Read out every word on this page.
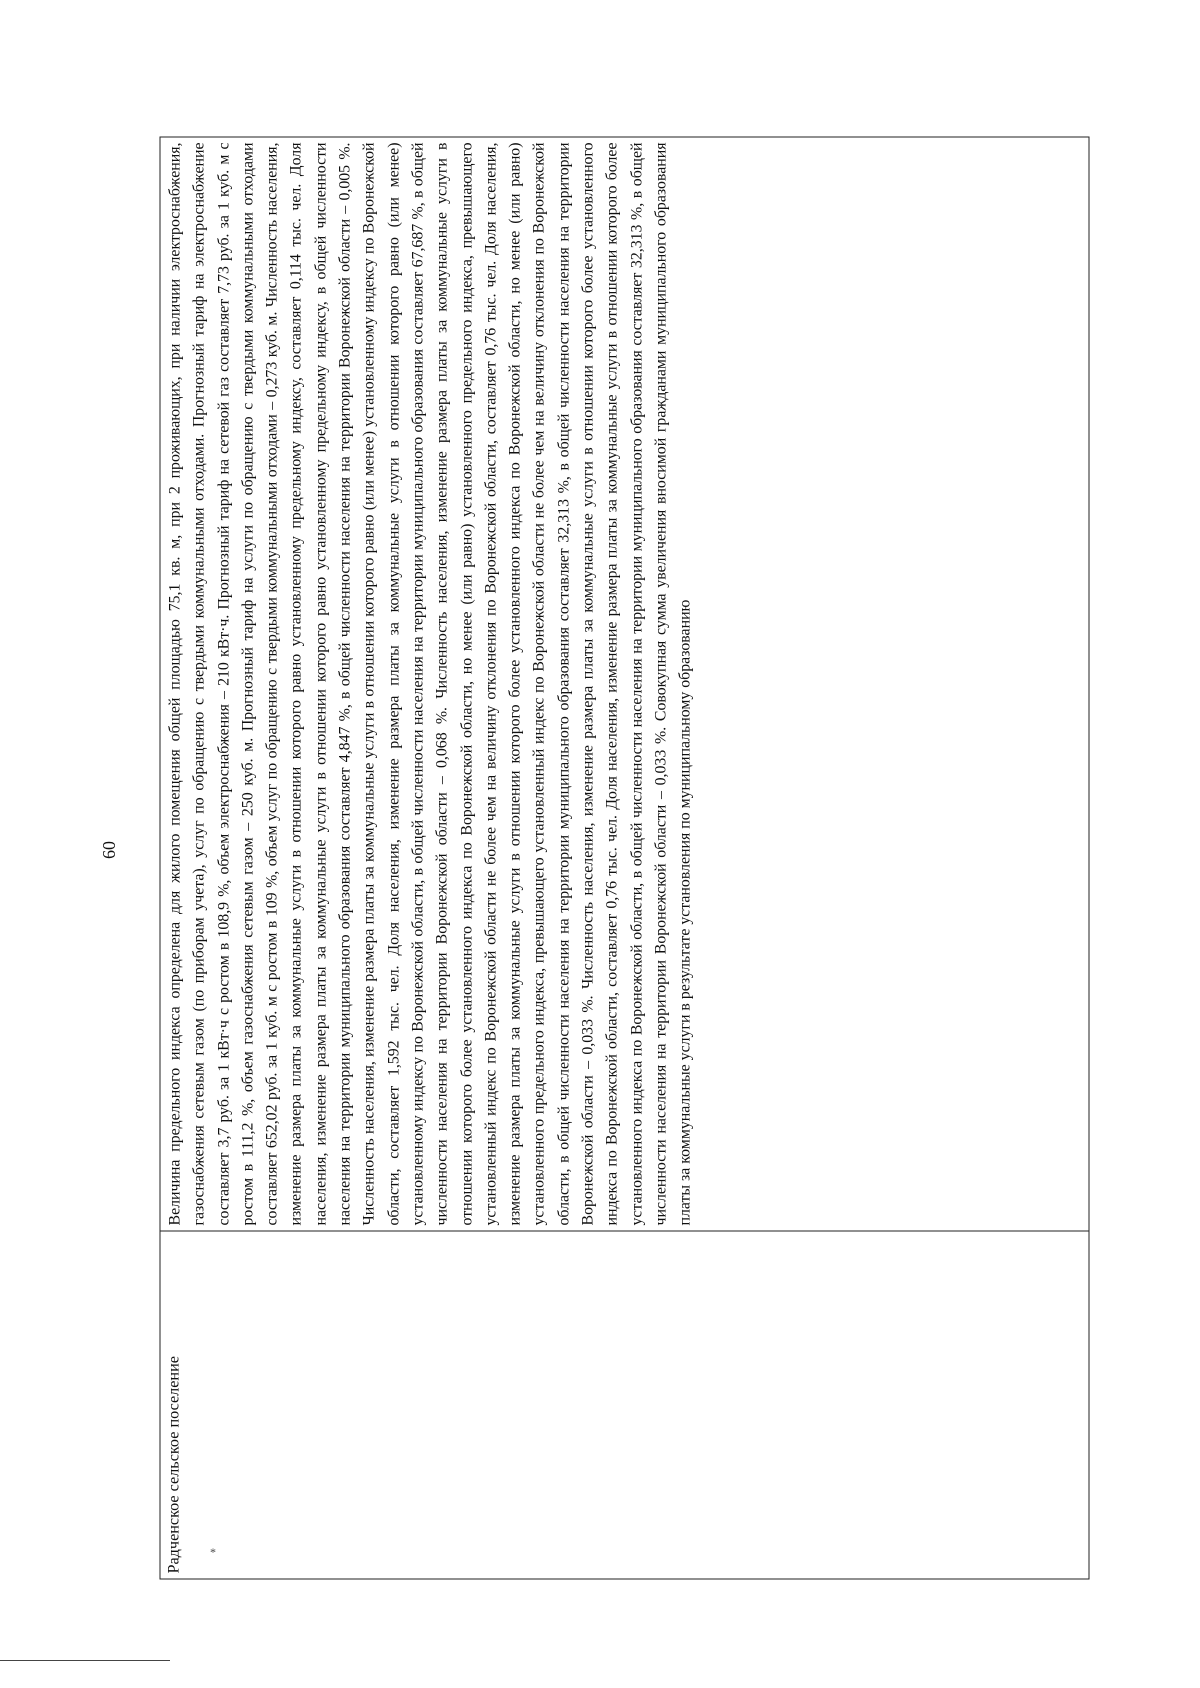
60
Радченское сельское поселение	Величина предельного индекса определена для жилого помещения общей площадью 75,1 кв. м, при 2 проживающих, при наличии электроснабжения, газоснабжения сетевым газом (по приборам учета), услуг по обращению с твердыми коммунальными отходами. Прогнозный тариф на электроснабжение составляет 3,7 руб. за 1 кВт·ч с ростом в 108,9 %, объем электроснабжения – 210 кВт·ч. Прогнозный тариф на сетевой газ составляет 7,73 руб. за 1 куб. м с ростом в 111,2 %, объем газоснабжения сетевым газом – 250 куб. м. Прогнозный тариф на услуги по обращению с твердыми коммунальными отходами составляет 652,02 руб. за 1 куб. м с ростом в 109 %, объем услуг по обращению с твердыми коммунальными отходами – 0,273 куб. м. Численность населения, изменение размера платы за коммунальные услуги в отношении которого равно установленному предельному индексу, составляет 0,114 тыс. чел. Доля населения, изменение размера платы за коммунальные услуги в отношении которого равно установленному предельному индексу, в общей численности населения на территории муниципального образования составляет 4,847 %, в общей численности населения на территории Воронежской области – 0,005 %. Численность населения, изменение размера платы за коммунальные услуги в отношении которого равно (или менее) установленному индексу по Воронежской области, составляет 1,592 тыс. чел. Доля населения, изменение размера платы за коммунальные услуги в отношении которого равно (или менее) установленному индексу по Воронежской области, в общей численности населения на территории муниципального образования составляет 67,687 %, в общей численности населения на территории Воронежской области – 0,068 %. Численность населения, изменение размера платы за коммунальные услуги в отношении которого более установленного индекса по Воронежской области, но менее (или равно) установленного предельного индекса, превышающего установленный индекс по Воронежской области не более чем на величину отклонения по Воронежской области, составляет 0,76 тыс. чел. Доля населения, изменение размера платы за коммунальные услуги в отношении которого более установленного индекса по Воронежской области, но менее (или равно) установленного предельного индекса, превышающего установленный индекс по Воронежской области не более чем на величину отклонения по Воронежской области, в общей численности населения на территории муниципального образования составляет 32,313 %, в общей численности населения на территории Воронежской области – 0,033 %. Численность населения, изменение размера платы за коммунальные услуги в отношении которого более установленного индекса по Воронежской области, составляет 0,76 тыс. чел. Доля населения, изменение размера платы за коммунальные услуги в отношении которого более установленного индекса по Воронежской области, в общей численности населения на территории муниципального образования составляет 32,313 %, в общей численности населения на территории Воронежской области – 0,033 %. Совокупная сумма увеличения вносимой гражданами муниципального образования платы за коммунальные услуги в результате установления по муниципальному образованию
*
